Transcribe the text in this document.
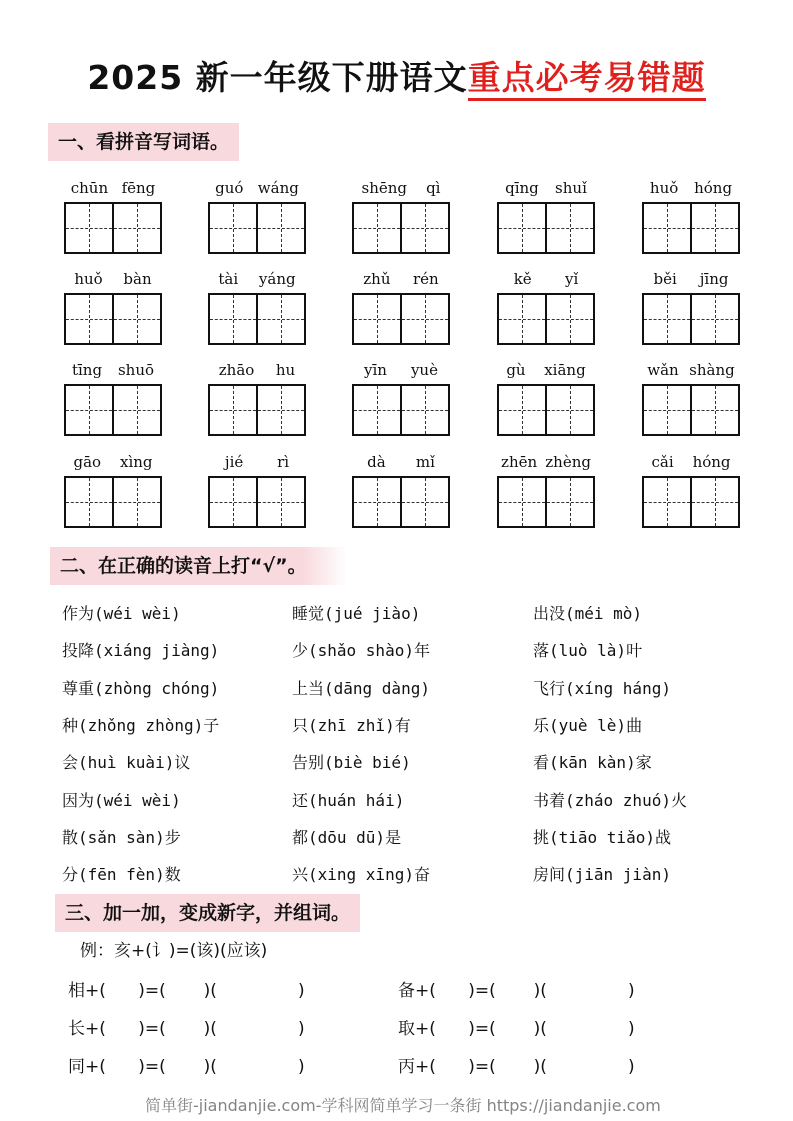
2025 新一年级下册语文重点必考易错题
一、看拼音写词语。
chūn fēng	guó wáng	shēng qì	qīng shuǐ	huǒ hóng
huǒ bàn	tài yáng	zhǔ rén	kě yǐ	běi jīng
tīng shuō	zhāo hu	yīn yuè	gù xiāng	wǎn shàng
gāo xìng	jié rì	dà mǐ	zhēn zhèng	cǎi hóng
二、在正确的读音上打“√”。
作为(wéi wèi)	睡觉(jué jiào)	出没(méi mò)
投降(xiáng jiàng)	少(shǎo shào)年	落(luò là)叶
尊重(zhòng chóng)	上当(dāng dàng)	飞行(xíng háng)
种(zhǒng zhòng)子	只(zhī zhǐ)有	乐(yuè lè)曲
会(huì kuài)议	告别(biè bié)	看(kān kàn)家
因为(wéi wèi)	还(huán hái)	书着(zháo zhuó)火
散(sǎn sàn)步	都(dōu dū)是	挑(tiāo tiǎo)战
分(fēn fèn)数	兴(xing xīng)奋	房间(jiān jiàn)
三、加一加，变成新字，并组词。
例：亥+(讠)=(该)(应该)
相+(      )=(       )(               )	备+(      )=(       )(               )
长+(      )=(       )(               )	取+(      )=(       )(               )
同+(      )=(       )(               )	丙+(      )=(       )(               )
简单街-jiandanjie.com-学科网简单学习一条街 https://jiandanjie.com
